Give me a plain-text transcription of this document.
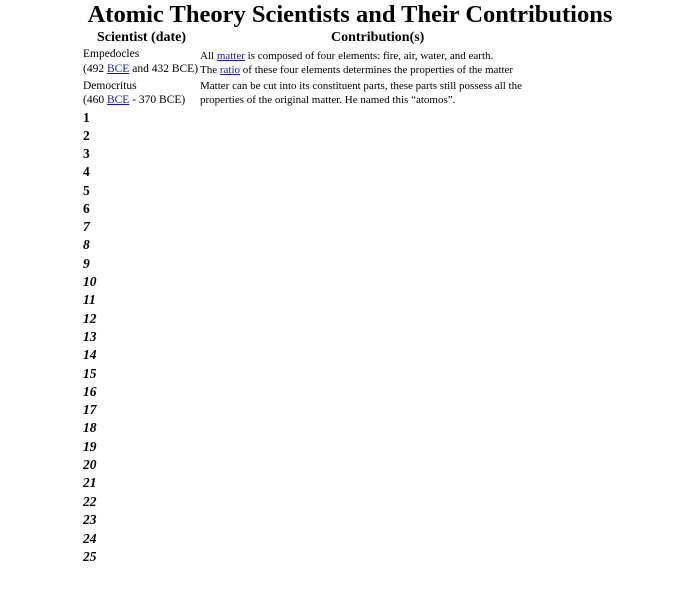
Atomic Theory Scientists and Their Contributions
Scientist (date)	Contribution(s)
Empedocles
(492 BCE and 432 BCE)
All matter is composed of four elements: fire, air, water, and earth.
The ratio of these four elements determines the properties of the matter
Democritus
(460 BCE - 370 BCE)
Matter can be cut into its constituent parts, these parts still possess all the
properties of the original matter. He named this “atomos”.
1
2
3
4
5
6
7
8
9
10
11
12
13
14
15
16
17
18
19
20
21
22
23
24
25
